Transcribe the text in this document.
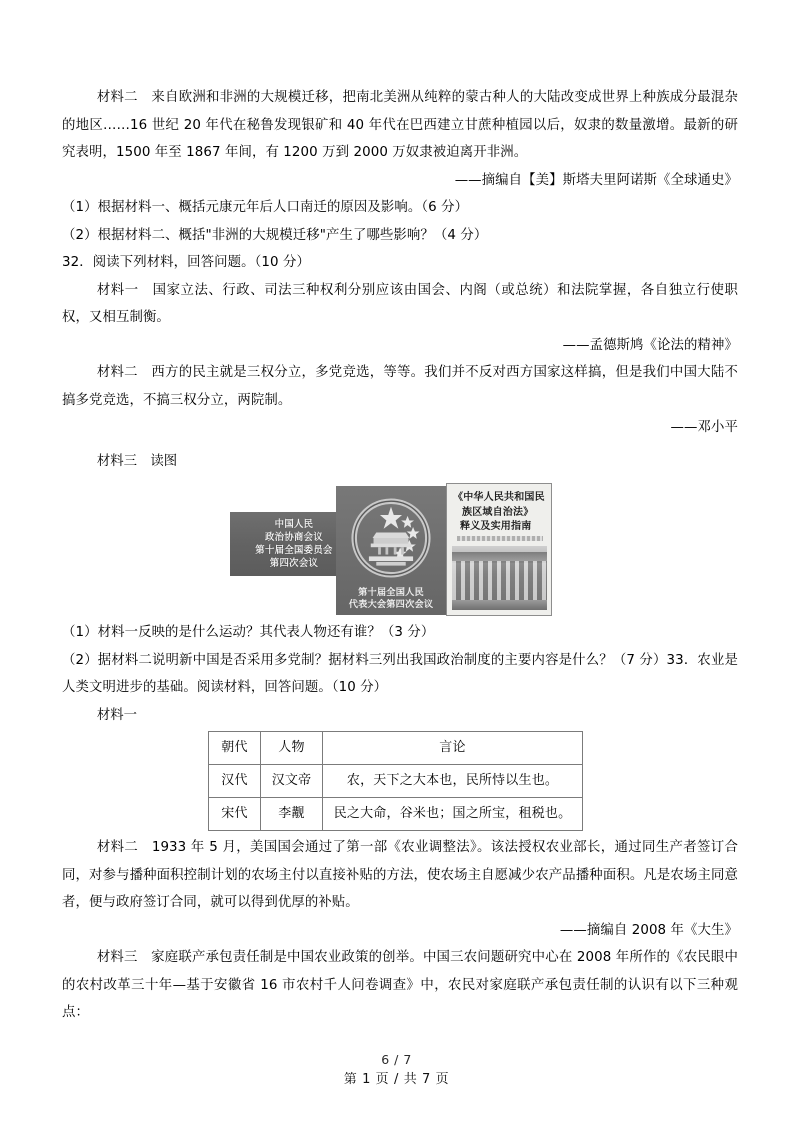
材料二　来自欧洲和非洲的大规模迁移，把南北美洲从纯粹的蒙古种人的大陆改变成世界上种族成分最混杂的地区……16 世纪 20 年代在秘鲁发现银矿和 40 年代在巴西建立甘蔗种植园以后，奴隶的数量激增。最新的研究表明，1500 年至 1867 年间，有 1200 万到 2000 万奴隶被迫离开非洲。

——摘编自【美】斯塔夫里阿诺斯《全球通史》

（1）根据材料一、概括元康元年后人口南迁的原因及影响。（6 分）

（2）根据材料二、概括"非洲的大规模迁移"产生了哪些影响？（4 分）

32．阅读下列材料，回答问题。（10 分）

材料一　国家立法、行政、司法三种权利分别应该由国会、内阁（或总统）和法院掌握，各自独立行使职权，又相互制衡。

——孟德斯鸠《论法的精神》

材料二　西方的民主就是三权分立，多党竞选，等等。我们并不反对西方国家这样搞，但是我们中国大陆不搞多党竞选，不搞三权分立，两院制。

——邓小平

材料三　读图

中国人民
政治协商会议
第十届全国委员会
第四次会议
第十届全国人民
代表大会第四次会议
《中华人民共和国民
族区域自治法》
释义及实用指南

（1）材料一反映的是什么运动？其代表人物还有谁？（3 分）

（2）据材料二说明新中国是否采用多党制？据材料三列出我国政治制度的主要内容是什么？（7 分）33．农业是人类文明进步的基础。阅读材料，回答问题。（10 分）

材料一

朝代	人物	言论
汉代	汉文帝	农，天下之大本也，民所恃以生也。
宋代	李觏	民之大命，谷米也；国之所宝，租税也。

材料二　1933 年 5 月，美国国会通过了第一部《农业调整法》。该法授权农业部长，通过同生产者签订合同，对参与播种面积控制计划的农场主付以直接补贴的方法，使农场主自愿减少农产品播种面积。凡是农场主同意者，便与政府签订合同，就可以得到优厚的补贴。

——摘编自 2008 年《大生》

材料三　家庭联产承包责任制是中国农业政策的创举。中国三农问题研究中心在 2008 年所作的《农民眼中的农村改革三十年—基于安徽省 16 市农村千人问卷调查》中，农民对家庭联产承包责任制的认识有以下三种观点：

6 / 7
第 1 页 / 共 7 页
